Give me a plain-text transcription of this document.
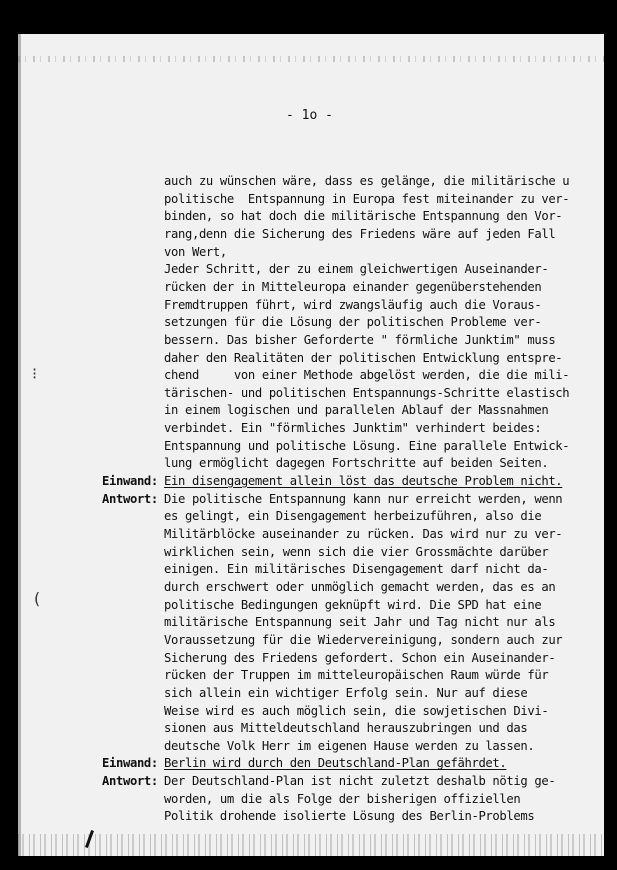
⁝
(
- 1o -
auch zu wünschen wäre, dass es gelänge, die militärische u
politische  Entspannung in Europa fest miteinander zu ver-
binden, so hat doch die militärische Entspannung den Vor-
rang,denn die Sicherung des Friedens wäre auf jeden Fall
von Wert,
Jeder Schritt, der zu einem gleichwertigen Auseinander-
rücken der in Mitteleuropa einander gegenüberstehenden
Fremdtruppen führt, wird zwangsläufig auch die Voraus-
setzungen für die Lösung der politischen Probleme ver-
bessern. Das bisher Geforderte " förmliche Junktim" muss
daher den Realitäten der politischen Entwicklung entspre-
chend     von einer Methode abgelöst werden, die die mili-
tärischen- und politischen Entspannungs-Schritte elastisch
in einem logischen und parallelen Ablauf der Massnahmen
verbindet. Ein "förmliches Junktim" verhindert beides:
Entspannung und politische Lösung. Eine parallele Entwick-
lung ermöglicht dagegen Fortschritte auf beiden Seiten.
Einwand: Ein disengagement allein löst das deutsche Problem nicht.
Antwort: Die politische Entspannung kann nur erreicht werden, wenn
es gelingt, ein Disengagement herbeizuführen, also die
Militärblöcke auseinander zu rücken. Das wird nur zu ver-
wirklichen sein, wenn sich die vier Grossmächte darüber
einigen. Ein militärisches Disengagement darf nicht da-
durch erschwert oder unmöglich gemacht werden, das es an
politische Bedingungen geknüpft wird. Die SPD hat eine
militärische Entspannung seit Jahr und Tag nicht nur als
Voraussetzung für die Wiedervereinigung, sondern auch zur
Sicherung des Friedens gefordert. Schon ein Auseinander-
rücken der Truppen im mitteleuropäischen Raum würde für
sich allein ein wichtiger Erfolg sein. Nur auf diese
Weise wird es auch möglich sein, die sowjetischen Divi-
sionen aus Mitteldeutschland herauszubringen und das
deutsche Volk Herr im eigenen Hause werden zu lassen.
Einwand: Berlin wird durch den Deutschland-Plan gefährdet.
Antwort: Der Deutschland-Plan ist nicht zuletzt deshalb nötig ge-
worden, um die als Folge der bisherigen offiziellen
Politik drohende isolierte Lösung des Berlin-Problems
